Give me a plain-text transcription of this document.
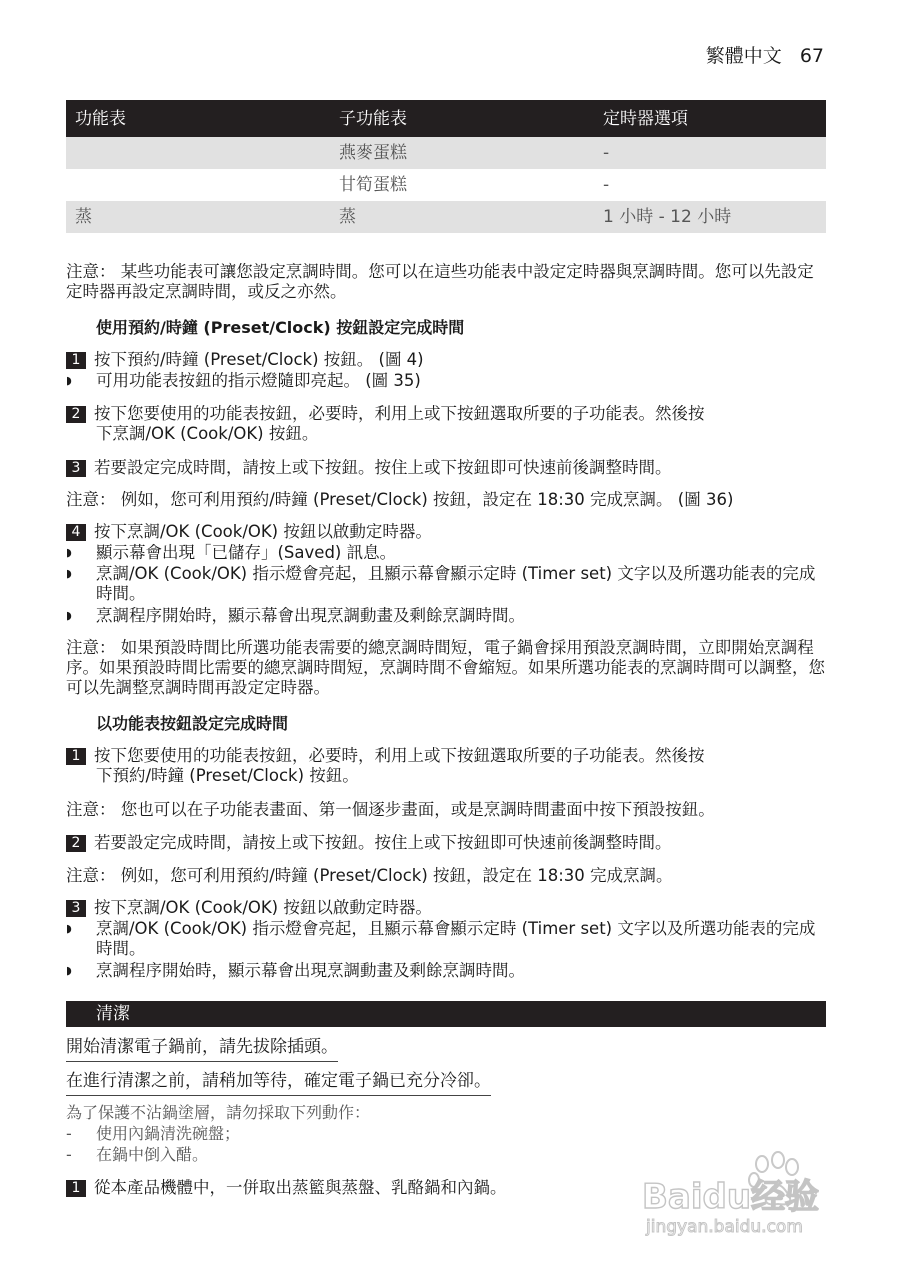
繁體中文 67
功能表	子功能表	定時器選項
	燕麥蛋糕	-
	甘筍蛋糕	-
蒸	蒸	1 小時 - 12 小時
注意： 某些功能表可讓您設定烹調時間。您可以在這些功能表中設定定時器與烹調時間。您可以先設定定時器再設定烹調時間，或反之亦然。
使用預約/時鐘 (Preset/Clock) 按鈕設定完成時間
1 按下預約/時鐘 (Preset/Clock) 按鈕。 (圖 4)
◗	可用功能表按鈕的指示燈隨即亮起。 (圖 35)
2 按下您要使用的功能表按鈕，必要時，利用上或下按鈕選取所要的子功能表。然後按
下烹調/OK (Cook/OK) 按鈕。
3 若要設定完成時間，請按上或下按鈕。按住上或下按鈕即可快速前後調整時間。
注意： 例如，您可利用預約/時鐘 (Preset/Clock) 按鈕，設定在 18:30 完成烹調。 (圖 36)
4 按下烹調/OK (Cook/OK) 按鈕以啟動定時器。
◗	顯示幕會出現「已儲存」(Saved) 訊息。
◗	烹調/OK (Cook/OK) 指示燈會亮起，且顯示幕會顯示定時 (Timer set) 文字以及所選功能表的完成時間。
◗	烹調程序開始時，顯示幕會出現烹調動畫及剩餘烹調時間。
注意： 如果預設時間比所選功能表需要的總烹調時間短，電子鍋會採用預設烹調時間，立即開始烹調程序。如果預設時間比需要的總烹調時間短，烹調時間不會縮短。如果所選功能表的烹調時間可以調整，您可以先調整烹調時間再設定定時器。
以功能表按鈕設定完成時間
1 按下您要使用的功能表按鈕，必要時，利用上或下按鈕選取所要的子功能表。然後按
下預約/時鐘 (Preset/Clock) 按鈕。
注意： 您也可以在子功能表畫面、第一個逐步畫面，或是烹調時間畫面中按下預設按鈕。
2 若要設定完成時間，請按上或下按鈕。按住上或下按鈕即可快速前後調整時間。
注意： 例如，您可利用預約/時鐘 (Preset/Clock) 按鈕，設定在 18:30 完成烹調。
3 按下烹調/OK (Cook/OK) 按鈕以啟動定時器。
◗	烹調/OK (Cook/OK) 指示燈會亮起，且顯示幕會顯示定時 (Timer set) 文字以及所選功能表的完成時間。
◗	烹調程序開始時，顯示幕會出現烹調動畫及剩餘烹調時間。
清潔
開始清潔電子鍋前，請先拔除插頭。
在進行清潔之前，請稍加等待，確定電子鍋已充分冷卻。
為了保護不沾鍋塗層，請勿採取下列動作：
- 使用內鍋清洗碗盤；
- 在鍋中倒入醋。
1 從本產品機體中，一併取出蒸籃與蒸盤、乳酪鍋和內鍋。	Baidu经验
jingyan.baidu.com
